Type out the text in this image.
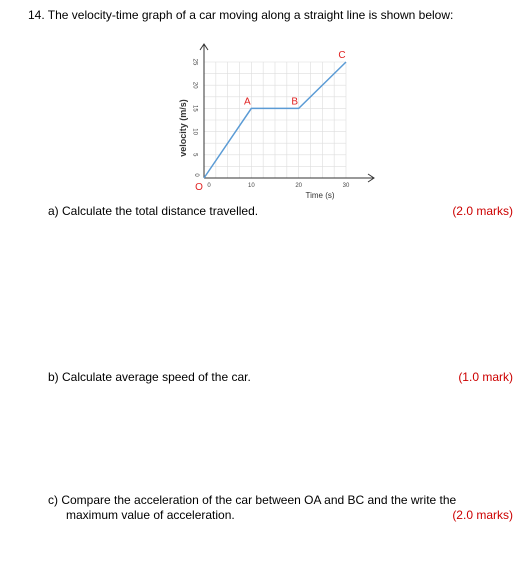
14. The velocity-time graph of a car moving along a straight line is shown below:
5
10
15
20
25
10	20	30
0
0
O
Time (s)
velocity (m/s)	A	B
C
a) Calculate the total distance travelled.	(2.0 marks)
b) Calculate average speed of the car.	(1.0 mark)
c) Compare the acceleration of the car between OA and BC and the write the
maximum value of acceleration.	(2.0 marks)
